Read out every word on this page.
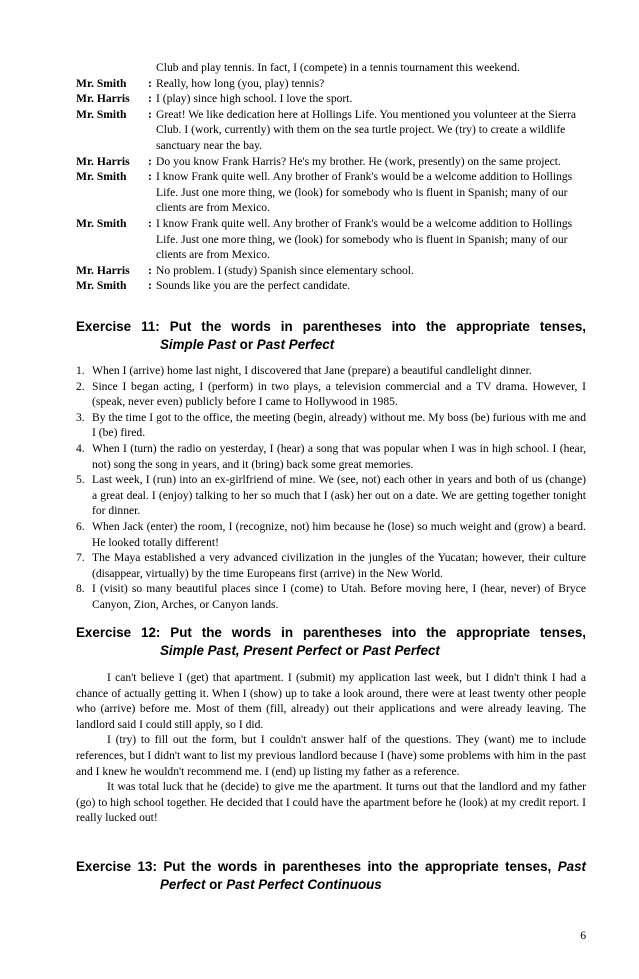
Club and play tennis. In fact, I (compete) in a tennis tournament this weekend.
Mr. Smith	: Really, how long (you, play) tennis?
Mr. Harris	: I (play) since high school. I love the sport.
Mr. Smith	: Great! We like dedication here at Hollings Life. You mentioned you volunteer at the Sierra Club. I (work, currently) with them on the sea turtle project. We (try) to create a wildlife sanctuary near the bay.
Mr. Harris	: Do you know Frank Harris? He's my brother. He (work, presently) on the same project.
Mr. Smith	: I know Frank quite well. Any brother of Frank's would be a welcome addition to Hollings Life. Just one more thing, we (look) for somebody who is fluent in Spanish; many of our clients are from Mexico.
Mr. Smith	: I know Frank quite well. Any brother of Frank's would be a welcome addition to Hollings Life. Just one more thing, we (look) for somebody who is fluent in Spanish; many of our clients are from Mexico.
Mr. Harris	: No problem. I (study) Spanish since elementary school.
Mr. Smith	: Sounds like you are the perfect candidate.
Exercise 11: Put the words in parentheses into the appropriate tenses,
Simple Past or Past Perfect
1. When I (arrive) home last night, I discovered that Jane (prepare) a beautiful candlelight dinner.
2. Since I began acting, I (perform) in two plays, a television commercial and a TV drama. However, I (speak, never even) publicly before I came to Hollywood in 1985.
3. By the time I got to the office, the meeting (begin, already) without me. My boss (be) furious with me and I (be) fired.
4. When I (turn) the radio on yesterday, I (hear) a song that was popular when I was in high school. I (hear, not) song the song in years, and it (bring) back some great memories.
5. Last week, I (run) into an ex-girlfriend of mine. We (see, not) each other in years and both of us (change) a great deal. I (enjoy) talking to her so much that I (ask) her out on a date. We are getting together tonight for dinner.
6. When Jack (enter) the room, I (recognize, not) him because he (lose) so much weight and (grow) a beard. He looked totally different!
7. The Maya established a very advanced civilization in the jungles of the Yucatan; however, their culture (disappear, virtually) by the time Europeans first (arrive) in the New World.
8. I (visit) so many beautiful places since I (come) to Utah. Before moving here, I (hear, never) of Bryce Canyon, Zion, Arches, or Canyon lands.
Exercise 12: Put the words in parentheses into the appropriate tenses,
Simple Past, Present Perfect or Past Perfect

I can't believe I (get) that apartment. I (submit) my application last week, but I didn't think I had a chance of actually getting it. When I (show) up to take a look around, there were at least twenty other people who (arrive) before me. Most of them (fill, already) out their applications and were already leaving. The landlord said I could still apply, so I did.

I (try) to fill out the form, but I couldn't answer half of the questions. They (want) me to include references, but I didn't want to list my previous landlord because I (have) some problems with him in the past and I knew he wouldn't recommend me. I (end) up listing my father as a reference.

It was total luck that he (decide) to give me the apartment. It turns out that the landlord and my father (go) to high school together. He decided that I could have the apartment before he (look) at my credit report. I really lucked out!

Exercise 13: Put the words in parentheses into the appropriate tenses, Past
Perfect or Past Perfect Continuous
6
